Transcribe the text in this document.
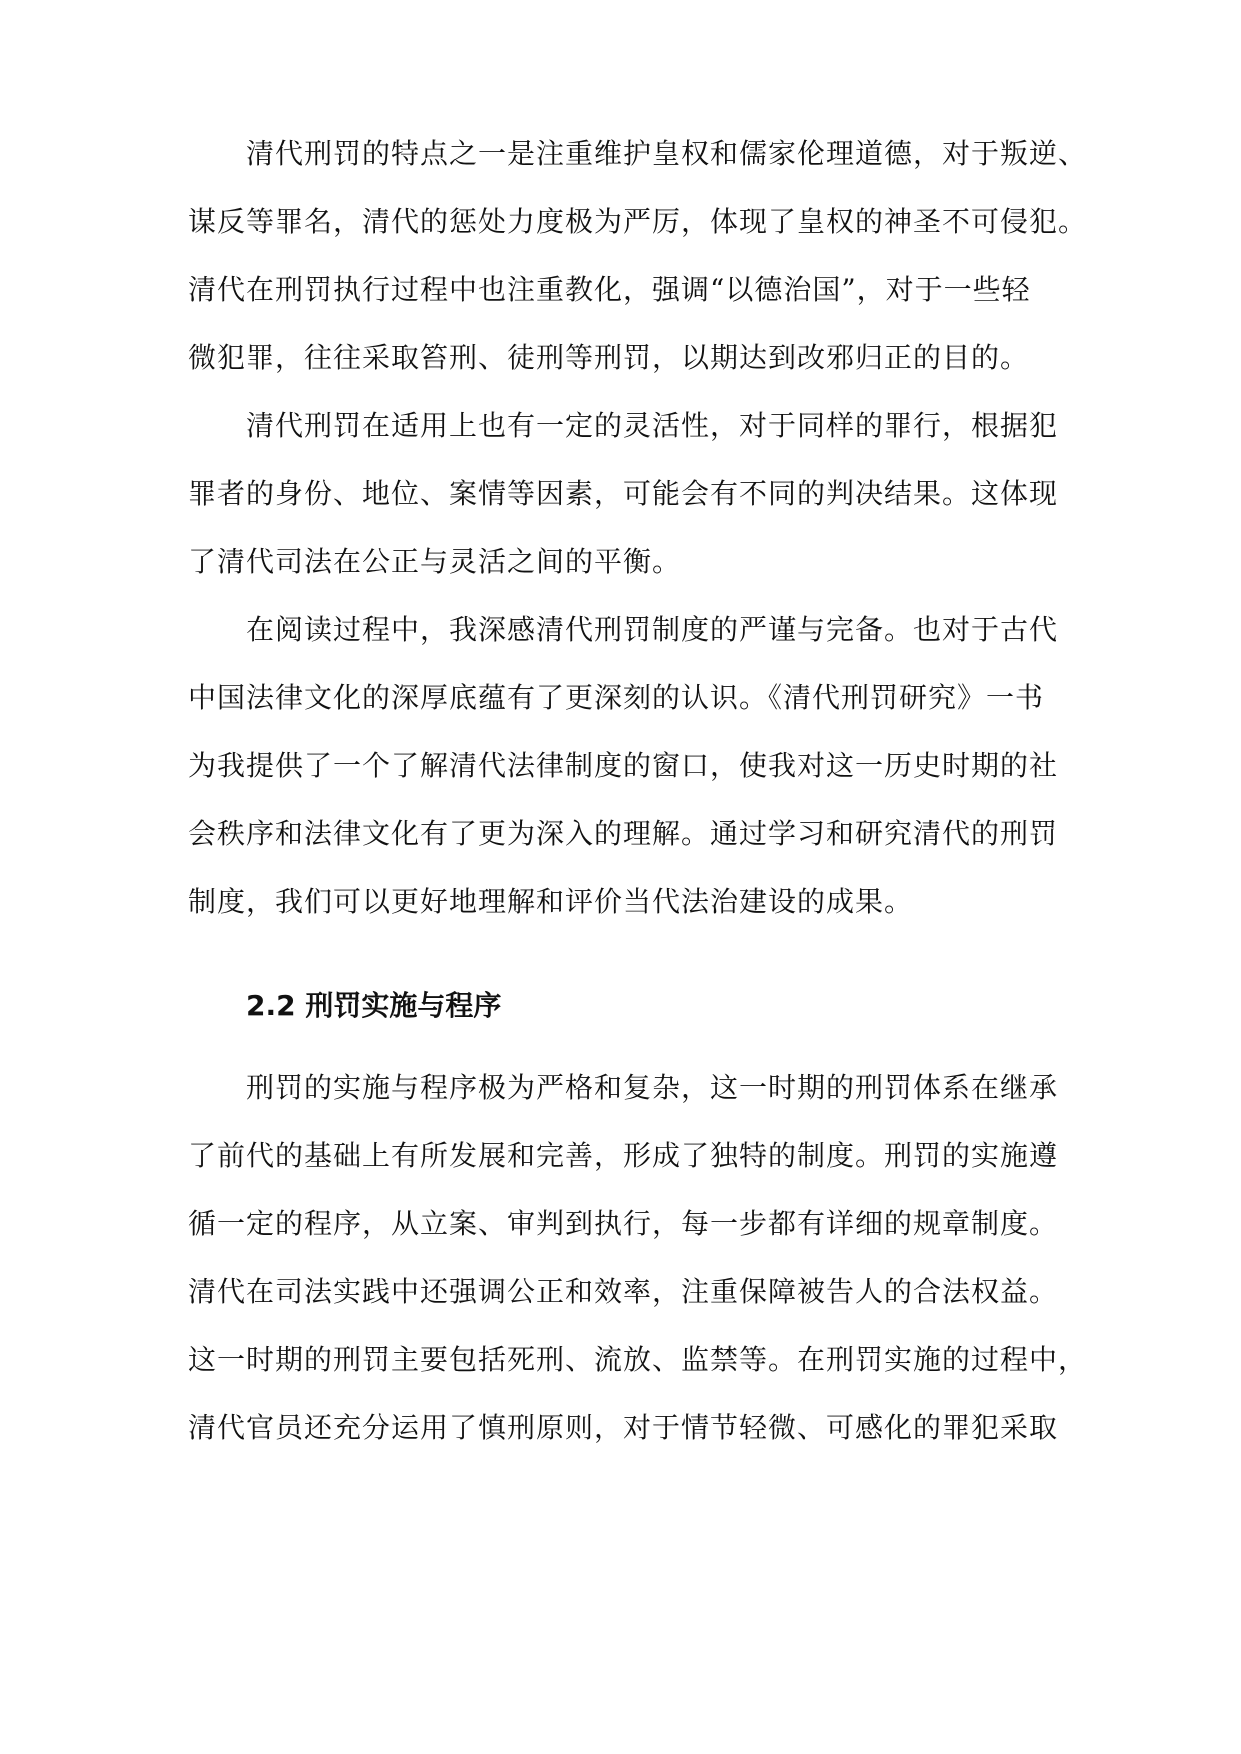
清代刑罚的特点之一是注重维护皇权和儒家伦理道德，对于叛逆、
谋反等罪名，清代的惩处力度极为严厉，体现了皇权的神圣不可侵犯。
清代在刑罚执行过程中也注重教化，强调“以德治国”，对于一些轻
微犯罪，往往采取笞刑、徒刑等刑罚，以期达到改邪归正的目的。
清代刑罚在适用上也有一定的灵活性，对于同样的罪行，根据犯
罪者的身份、地位、案情等因素，可能会有不同的判决结果。这体现
了清代司法在公正与灵活之间的平衡。
在阅读过程中，我深感清代刑罚制度的严谨与完备。也对于古代
中国法律文化的深厚底蕴有了更深刻的认识。《清代刑罚研究》一书
为我提供了一个了解清代法律制度的窗口，使我对这一历史时期的社
会秩序和法律文化有了更为深入的理解。通过学习和研究清代的刑罚
制度，我们可以更好地理解和评价当代法治建设的成果。
2.2 刑罚实施与程序
刑罚的实施与程序极为严格和复杂，这一时期的刑罚体系在继承
了前代的基础上有所发展和完善，形成了独特的制度。刑罚的实施遵
循一定的程序，从立案、审判到执行，每一步都有详细的规章制度。
清代在司法实践中还强调公正和效率，注重保障被告人的合法权益。
这一时期的刑罚主要包括死刑、流放、监禁等。在刑罚实施的过程中，
清代官员还充分运用了慎刑原则，对于情节轻微、可感化的罪犯采取
